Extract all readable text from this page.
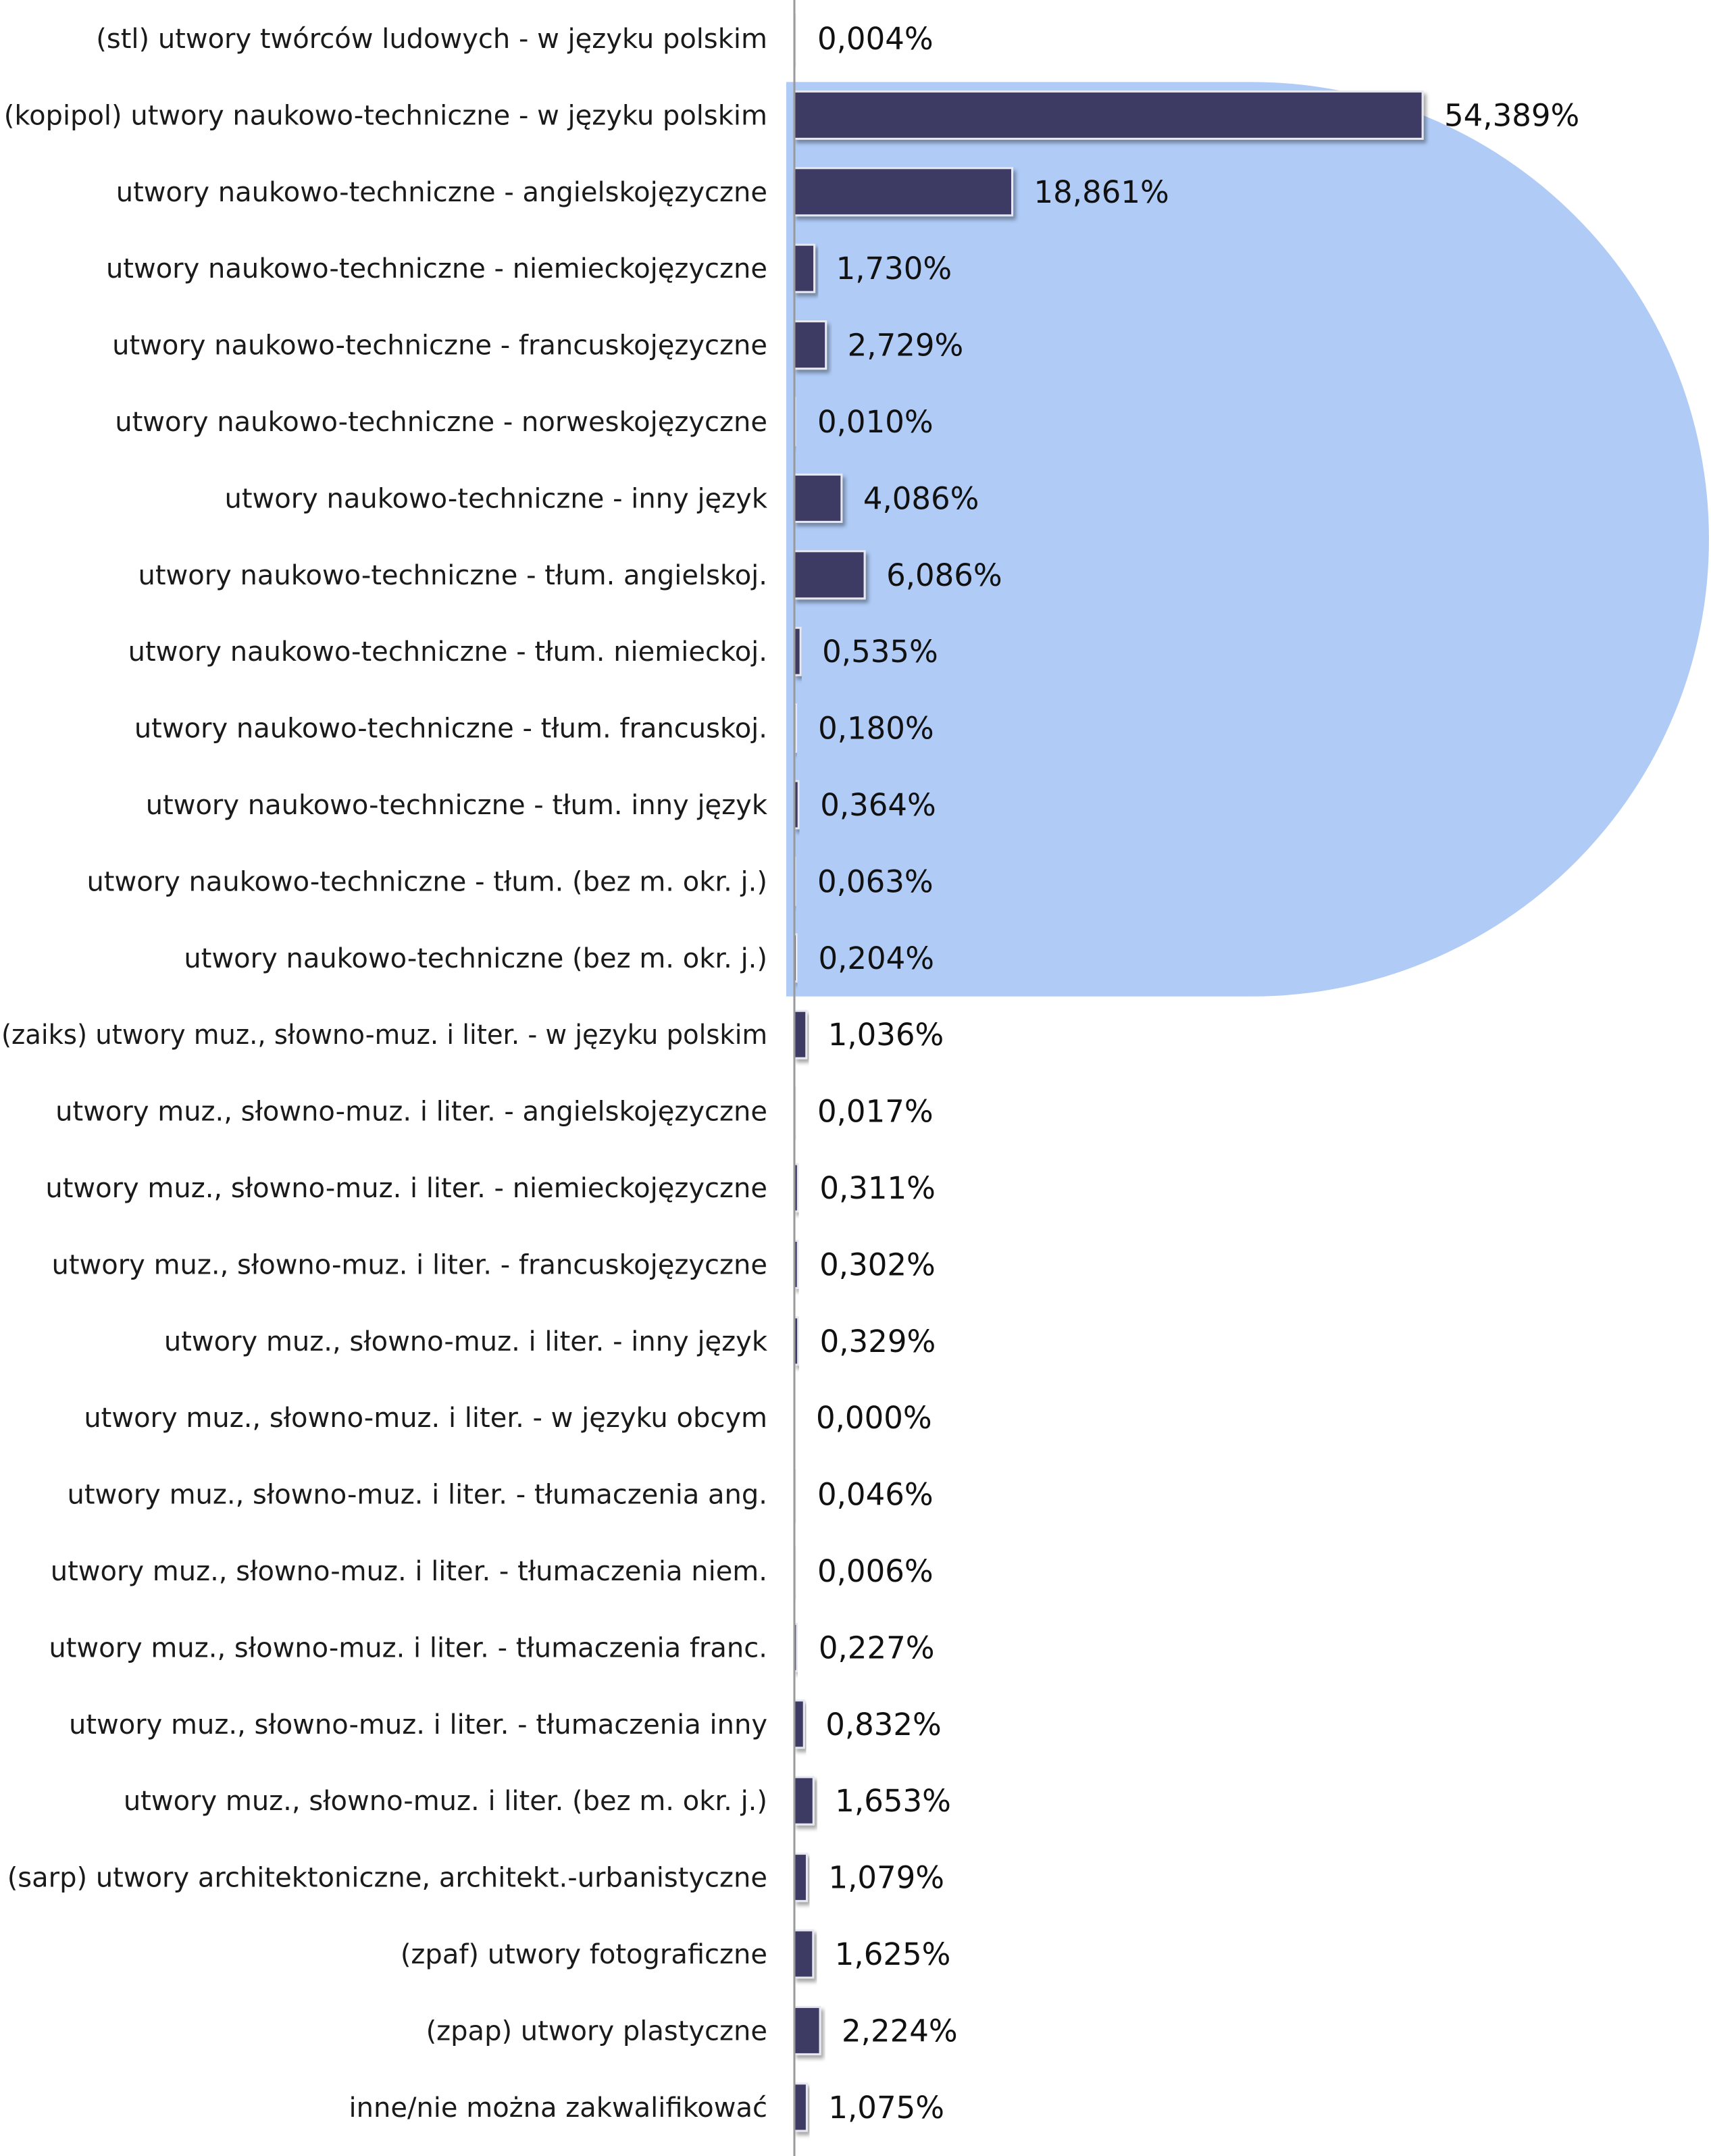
(stl) utwory twórców ludowych - w języku polskim
(kopipol) utwory naukowo-techniczne - w języku polskim
utwory naukowo-techniczne - angielskojęzyczne
utwory naukowo-techniczne - niemieckojęzyczne
utwory naukowo-techniczne - francuskojęzyczne
utwory naukowo-techniczne - norweskojęzyczne
utwory naukowo-techniczne - inny język
utwory naukowo-techniczne - tłum. angielskoj.
utwory naukowo-techniczne - tłum. niemieckoj.
utwory naukowo-techniczne - tłum. francuskoj.
utwory naukowo-techniczne - tłum. inny język
utwory naukowo-techniczne - tłum. (bez m. okr. j.)
utwory naukowo-techniczne (bez m. okr. j.)
(zaiks) utwory muz., słowno-muz. i liter. - w języku polskim
utwory muz., słowno-muz. i liter. - angielskojęzyczne
utwory muz., słowno-muz. i liter. - niemieckojęzyczne
utwory muz., słowno-muz. i liter. - francuskojęzyczne
utwory muz., słowno-muz. i liter. - inny język
utwory muz., słowno-muz. i liter. - w języku obcym
utwory muz., słowno-muz. i liter. - tłumaczenia ang.
utwory muz., słowno-muz. i liter. - tłumaczenia niem.
utwory muz., słowno-muz. i liter. - tłumaczenia franc.
utwory muz., słowno-muz. i liter. - tłumaczenia inny
utwory muz., słowno-muz. i liter. (bez m. okr. j.)
(sarp) utwory architektoniczne, architekt.-urbanistyczne
(zpaf) utwory fotograficzne
(zpap) utwory plastyczne
inne/nie można zakwalifikować
0,004%
54,389%
18,861%
1,730%
2,729%
0,010%
4,086%
6,086%
0,535%
0,180%
0,364%
0,063%
0,204%
1,036%
0,017%
0,311%
0,302%
0,329%
0,000%
0,046%
0,006%
0,227%
0,832%
1,653%
1,079%
1,625%
2,224%
1,075%
